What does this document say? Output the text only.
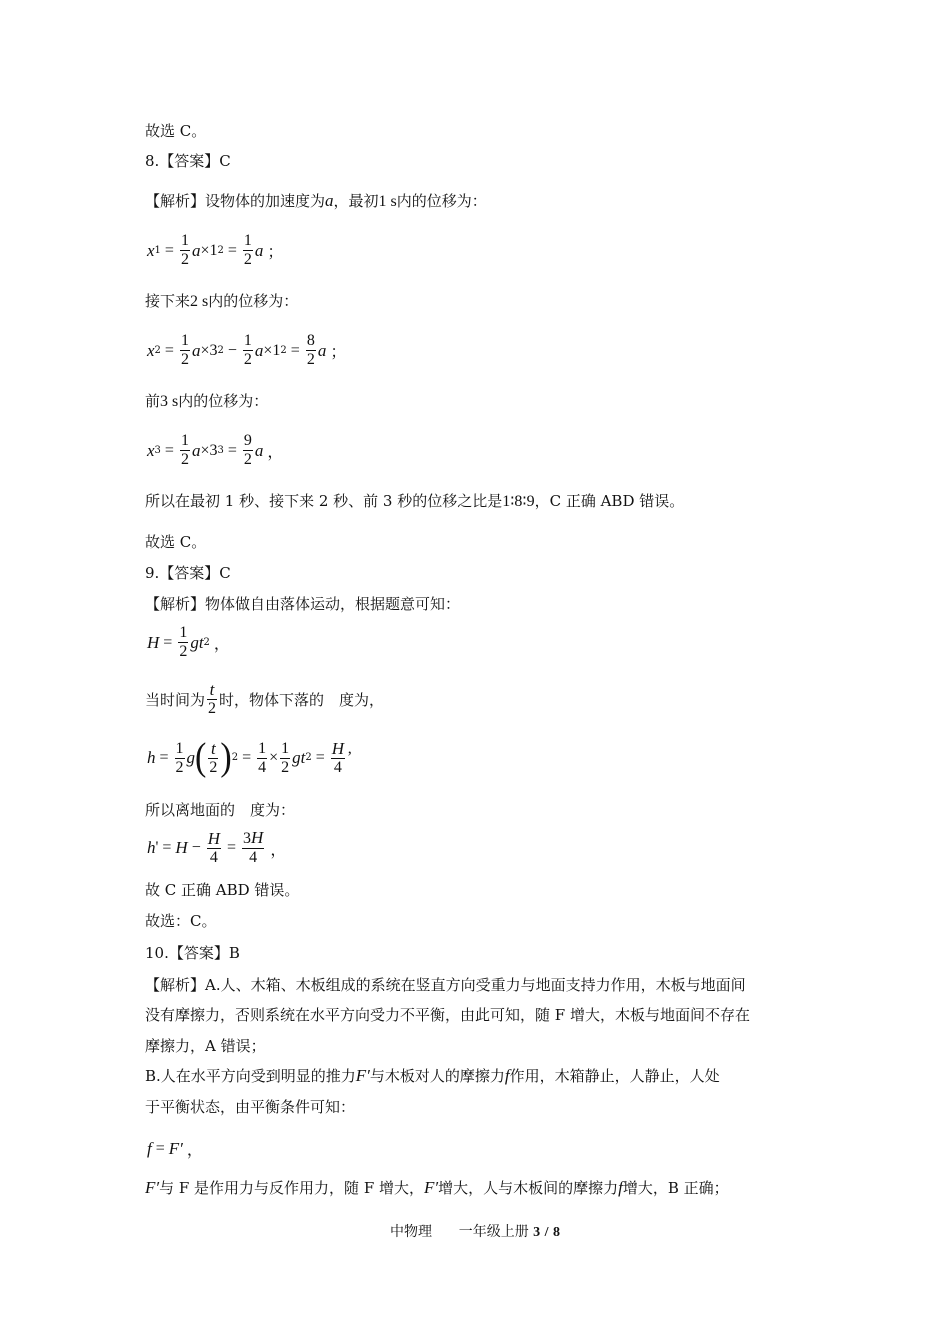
故选 C。
8.【答案】C
【解析】设物体的加速度为a，最初1 s内的位移为：
x $1 = \frac{1}{2}$ a ×1 $2 = \frac{1}{2}$ a ；
接下来2 s内的位移为：
x $2 = \frac{1}{2}$ a ×3 $2 - \frac{1}{2}$ a ×1 $2 = \frac{8}{2}$ a ；
前3 s内的位移为：
x $3 = \frac{1}{2}$ a ×3 $3 = \frac{9}{2}$ a ，
所以在最初 1 秒、接下来 2 秒、前 3 秒的位移之比是1∶8∶9，C 正确 ABD 错误。
故选 C。
9.【答案】C
【解析】物体做自由落体运动，根据题意可知：
$H = \frac{1}{2}$ gt 2 ，
当时间为 $\frac{t}{2}$ 时，物体下落的　度为，
$h = \frac{1}{2}$ g ( $\frac{t}{2}$ ) $2 = \frac{1}{4} \times \frac{1}{2}$ gt $2 = \frac{H}{4}$ ’
所以离地面的　度为：
h ' = $H - \frac{H}{4} = \frac{3H}{4}$ ，
故 C 正确 ABD 错误。
故选：C。
10.【答案】B
【解析】A.人、木箱、木板组成的系统在竖直方向受重力与地面支持力作用，木板与地面间
没有摩擦力，否则系统在水平方向受力不平衡，由此可知，随 F 增大，木板与地面间不存在
摩擦力，A 错误；
B.人在水平方向受到明显的推力F′与木板对人的摩擦力f作用，木箱静止，人静止，人处
于平衡状态，由平衡条件可知：
f = F′ ，
F′与 F 是作用力与反作用力，随 F 增大，F′增大，人与木板间的摩擦力f增大，B 正确；
中物理 一年级上册 3 / 8
